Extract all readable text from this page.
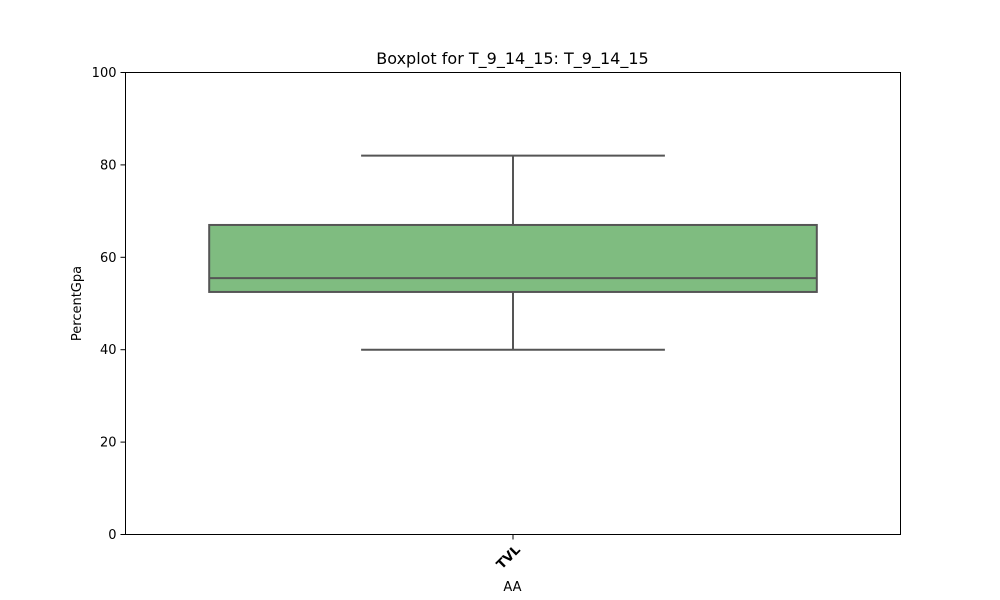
Boxplot for T_9_14_15: T_9_14_15
PercentGpa
AA
0
20
40
60
80
100
TVL
